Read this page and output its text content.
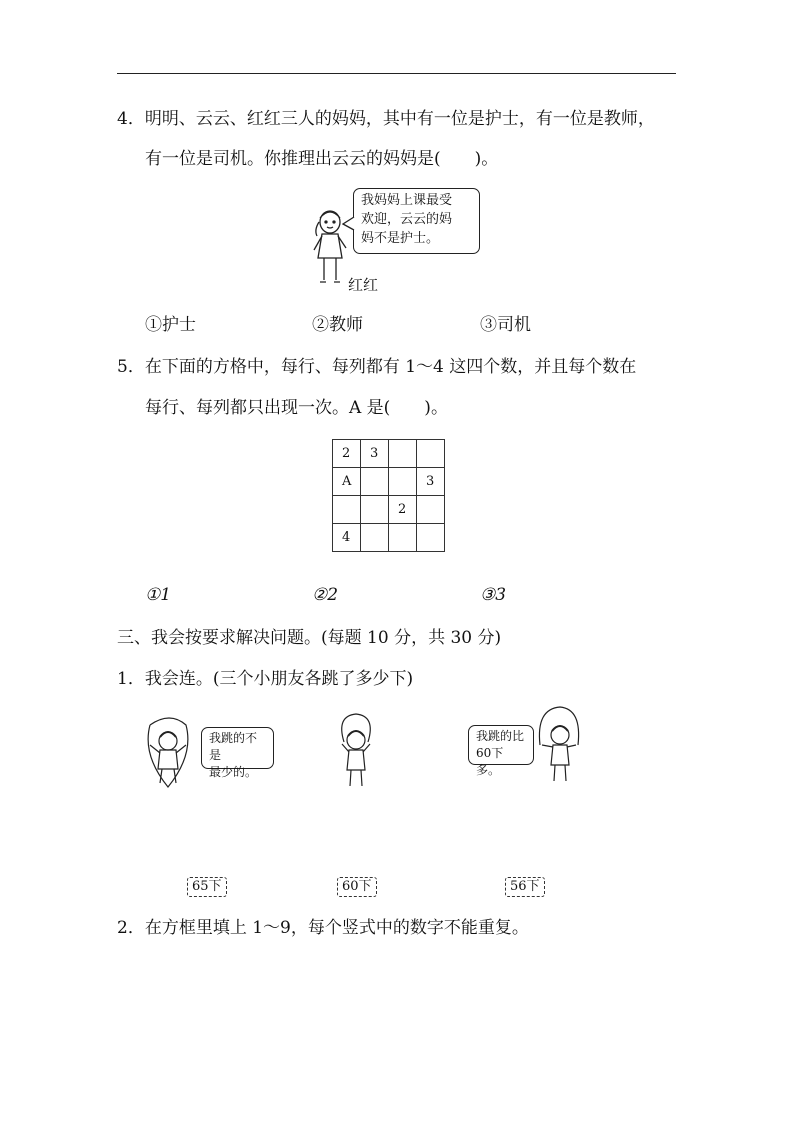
4．明明、云云、红红三人的妈妈，其中有一位是护士，有一位是教师，
有一位是司机。你推理出云云的妈妈是(　　)。
我妈妈上课最受
欢迎，云云的妈
妈不是护士。
红红
①护士	②教师	③司机
5．在下面的方格中，每行、每列都有 1～4 这四个数，并且每个数在
每行、每列都只出现一次。A 是(　　)。
2	3		
A			3
		2	
4			
①1	②2	③3
三、我会按要求解决问题。(每题 10 分，共 30 分)
1．我会连。(三个小朋友各跳了多少下)
我跳的不是
最少的。
我跳的比
60下多。
65下	60下	56下
2．在方框里填上 1～9，每个竖式中的数字不能重复。
